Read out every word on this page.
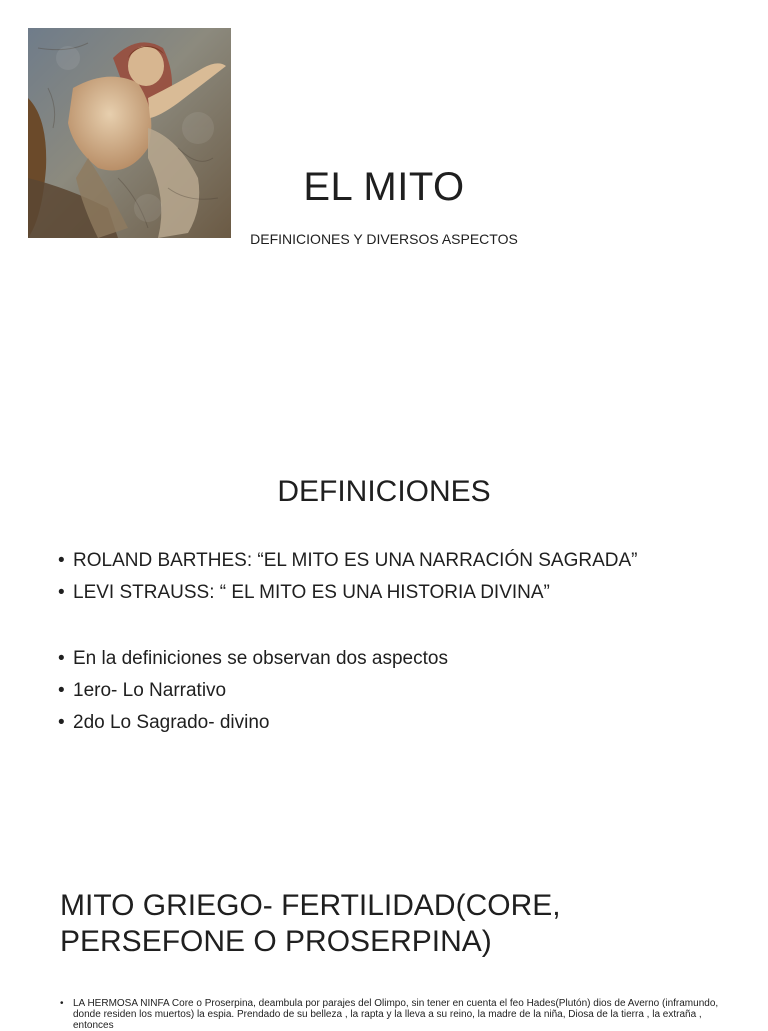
EL MITO
DEFINICIONES Y DIVERSOS ASPECTOS
DEFINICIONES
• ROLAND BARTHES: “EL MITO ES UNA NARRACIÓN SAGRADA”
• LEVI STRAUSS: “ EL MITO ES UNA HISTORIA DIVINA”
• En la definiciones se observan dos aspectos
• 1ero- Lo Narrativo
• 2do Lo Sagrado- divino
MITO GRIEGO- FERTILIDAD(CORE, PERSEFONE O PROSERPINA)
• LA HERMOSA NINFA Core o Proserpina, deambula por parajes del Olimpo, sin tener en cuenta el feo Hades(Plutón) dios de Averno (inframundo, donde residen los muertos) la espia. Prendado de su belleza , la rapta y la lleva a su reino, la madre de la niña, Diosa de la tierra , la extraña , entonces
